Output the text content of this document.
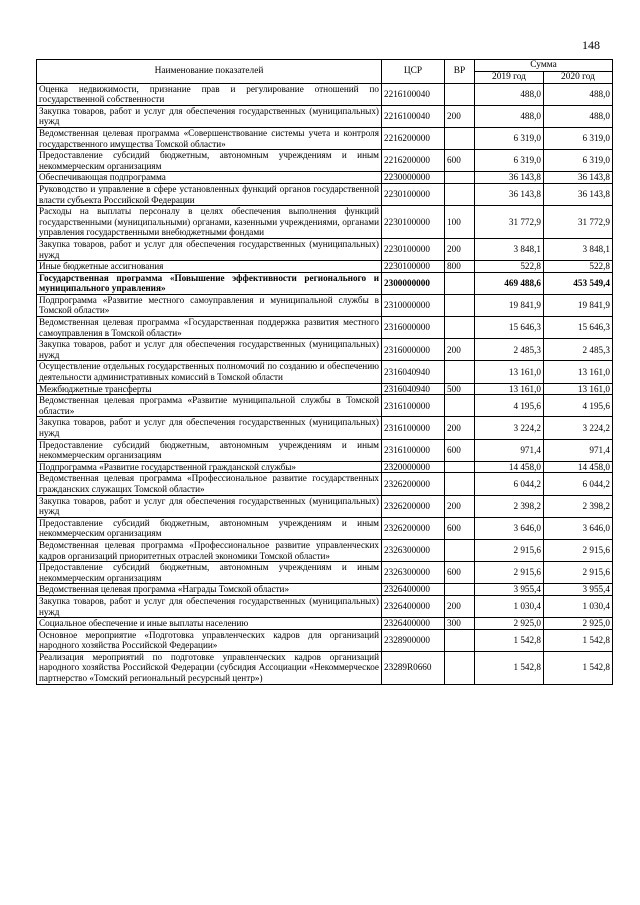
148
Наименование показателей	ЦСР	ВР	Сумма	
			2019 год	2020 год
Оценка недвижимости, признание прав и регулирование отношений по государственной собственности	2216100040		488,0	488,0
Закупка товаров, работ и услуг для обеспечения государственных (муниципальных) нужд	2216100040	200	488,0	488,0
Ведомственная целевая программа «Совершенствование системы учета и контроля государственного имущества Томской области»	2216200000		6 319,0	6 319,0
Предоставление субсидий бюджетным, автономным учреждениям и иным некоммерческим организациям	2216200000	600	6 319,0	6 319,0
Обеспечивающая подпрограмма	2230000000		36 143,8	36 143,8
Руководство и управление в сфере установленных функций органов государственной власти субъекта Российской Федерации	2230100000		36 143,8	36 143,8
Расходы на выплаты персоналу в целях обеспечения выполнения функций государственными (муниципальными) органами, казенными учреждениями, органами управления государственными внебюджетными фондами	2230100000	100	31 772,9	31 772,9
Закупка товаров, работ и услуг для обеспечения государственных (муниципальных) нужд	2230100000	200	3 848,1	3 848,1
Иные бюджетные ассигнования	2230100000	800	522,8	522,8
Государственная программа «Повышение эффективности регионального и муниципального управления»	2300000000		469 488,6	453 549,4
Подпрограмма «Развитие местного самоуправления и муниципальной службы в Томской области»	2310000000		19 841,9	19 841,9
Ведомственная целевая программа «Государственная поддержка развития местного самоуправления в Томской области»	2316000000		15 646,3	15 646,3
Закупка товаров, работ и услуг для обеспечения государственных (муниципальных) нужд	2316000000	200	2 485,3	2 485,3
Осуществление отдельных государственных полномочий по созданию и обеспечению деятельности административных комиссий в Томской области	2316040940		13 161,0	13 161,0
Межбюджетные трансферты	2316040940	500	13 161,0	13 161,0
Ведомственная целевая программа «Развитие муниципальной службы в Томской области»	2316100000		4 195,6	4 195,6
Закупка товаров, работ и услуг для обеспечения государственных (муниципальных) нужд	2316100000	200	3 224,2	3 224,2
Предоставление субсидий бюджетным, автономным учреждениям и иным некоммерческим организациям	2316100000	600	971,4	971,4
Подпрограмма «Развитие государственной гражданской службы»	2320000000		14 458,0	14 458,0
Ведомственная целевая программа «Профессиональное развитие государственных гражданских служащих Томской области»	2326200000		6 044,2	6 044,2
Закупка товаров, работ и услуг для обеспечения государственных (муниципальных) нужд	2326200000	200	2 398,2	2 398,2
Предоставление субсидий бюджетным, автономным учреждениям и иным некоммерческим организациям	2326200000	600	3 646,0	3 646,0
Ведомственная целевая программа «Профессиональное развитие управленческих кадров организаций приоритетных отраслей экономики Томской области»	2326300000		2 915,6	2 915,6
Предоставление субсидий бюджетным, автономным учреждениям и иным некоммерческим организациям	2326300000	600	2 915,6	2 915,6
Ведомственная целевая программа «Награды Томской области»	2326400000		3 955,4	3 955,4
Закупка товаров, работ и услуг для обеспечения государственных (муниципальных) нужд	2326400000	200	1 030,4	1 030,4
Социальное обеспечение и иные выплаты населению	2326400000	300	2 925,0	2 925,0
Основное мероприятие «Подготовка управленческих кадров для организаций народного хозяйства Российской Федерации»	2328900000		1 542,8	1 542,8
Реализация мероприятий по подготовке управленческих кадров организаций народного хозяйства Российской Федерации (субсидия Ассоциации «Некоммерческое партнерство «Томский региональный ресурсный центр»)	23289R0660		1 542,8	1 542,8
